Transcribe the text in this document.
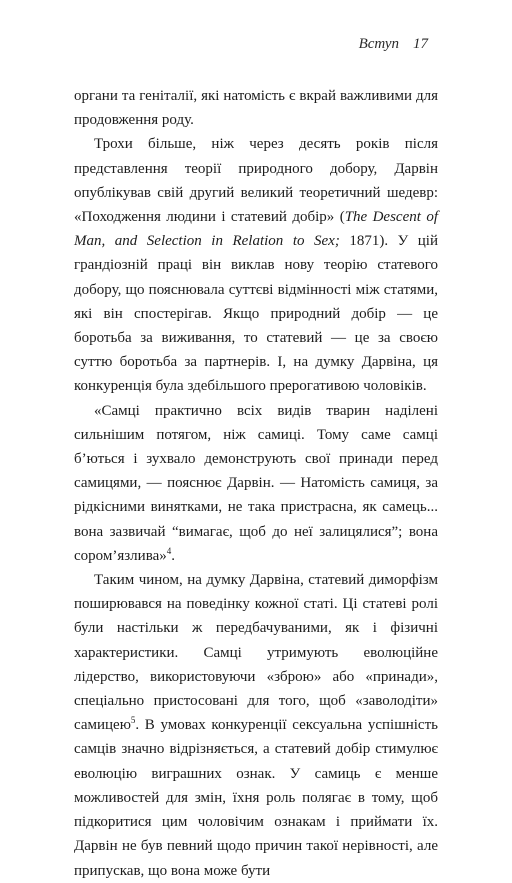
Вступ 17

органи та геніталії, які натомість є вкрай важливими для продовження роду.

Трохи більше, ніж через десять років після представлення теорії природного добору, Дарвін опублікував свій другий великий теоретичний шедевр: «Походження людини і статевий добір» (The Descent of Man, and Selection in Relation to Sex; 1871). У цій грандіозній праці він виклав нову теорію статевого добору, що пояснювала суттєві відмінності між статями, які він спостерігав. Якщо природний добір — це боротьба за виживання, то статевий — це за своєю суттю боротьба за партнерів. І, на думку Дарвіна, ця конкуренція була здебільшого прерогативою чоловіків.

«Самці практично всіх видів тварин наділені сильнішим потягом, ніж самиці. Тому саме самці б’ються і зухвало демонструють свої принади перед самицями, — пояснює Дарвін. — Натомість самиця, за рідкісними винятками, не така пристрасна, як самець... вона зазвичай “вимагає, щоб до неї залицялися”; вона сором’язлива»$^4$.

Таким чином, на думку Дарвіна, статевий диморфізм поширювався на поведінку кожної статі. Ці статеві ролі були настільки ж передбачуваними, як і фізичні характеристики. Самці утримують еволюційне лідерство, використовуючи «зброю» або «принади», спеціально пристосовані для того, щоб «заволодіти» самицею$^5$. В умовах конкуренції сексуальна успішність самців значно відрізняється, а статевий добір стимулює еволюцію виграшних ознак. У самиць є менше можливостей для змін, їхня роль полягає в тому, щоб підкоритися цим чоловічим ознакам і приймати їх. Дарвін не був певний щодо причин такої нерівності, але припускав, що вона може бути
